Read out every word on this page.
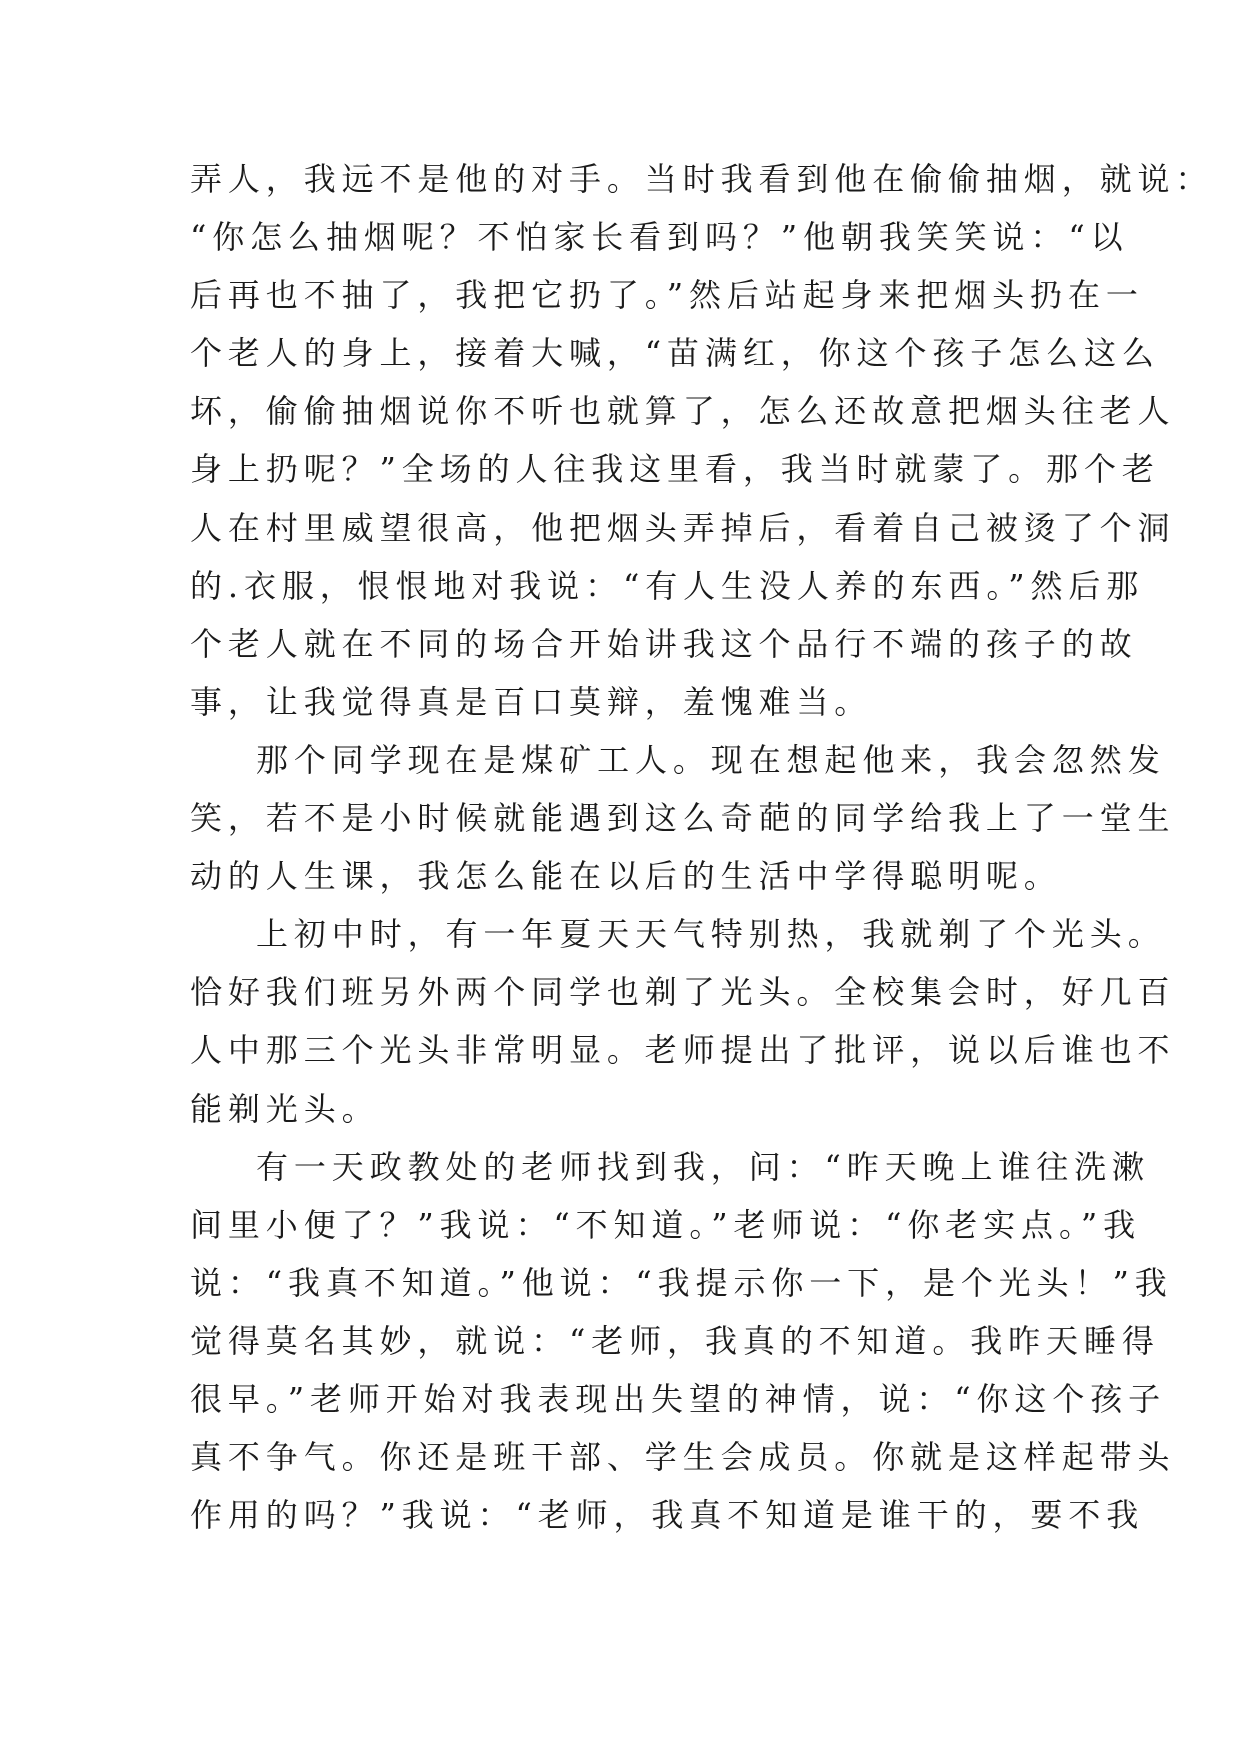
弄人，我远不是他的对手。当时我看到他在偷偷抽烟，就说：
“你怎么抽烟呢？不怕家长看到吗？”他朝我笑笑说：“以
后再也不抽了，我把它扔了。”然后站起身来把烟头扔在一
个老人的身上，接着大喊，“苗满红，你这个孩子怎么这么
坏，偷偷抽烟说你不听也就算了，怎么还故意把烟头往老人
身上扔呢？”全场的人往我这里看，我当时就蒙了。那个老
人在村里威望很高，他把烟头弄掉后，看着自己被烫了个洞
的.衣服，恨恨地对我说：“有人生没人养的东西。”然后那
个老人就在不同的场合开始讲我这个品行不端的孩子的故
事，让我觉得真是百口莫辩，羞愧难当。
那个同学现在是煤矿工人。现在想起他来，我会忽然发
笑，若不是小时候就能遇到这么奇葩的同学给我上了一堂生
动的人生课，我怎么能在以后的生活中学得聪明呢。
上初中时，有一年夏天天气特别热，我就剃了个光头。
恰好我们班另外两个同学也剃了光头。全校集会时，好几百
人中那三个光头非常明显。老师提出了批评，说以后谁也不
能剃光头。
有一天政教处的老师找到我，问：“昨天晚上谁往洗漱
间里小便了？”我说：“不知道。”老师说：“你老实点。”我
说：“我真不知道。”他说：“我提示你一下，是个光头！”我
觉得莫名其妙，就说：“老师，我真的不知道。我昨天睡得
很早。”老师开始对我表现出失望的神情，说：“你这个孩子
真不争气。你还是班干部、学生会成员。你就是这样起带头
作用的吗？”我说：“老师，我真不知道是谁干的，要不我
